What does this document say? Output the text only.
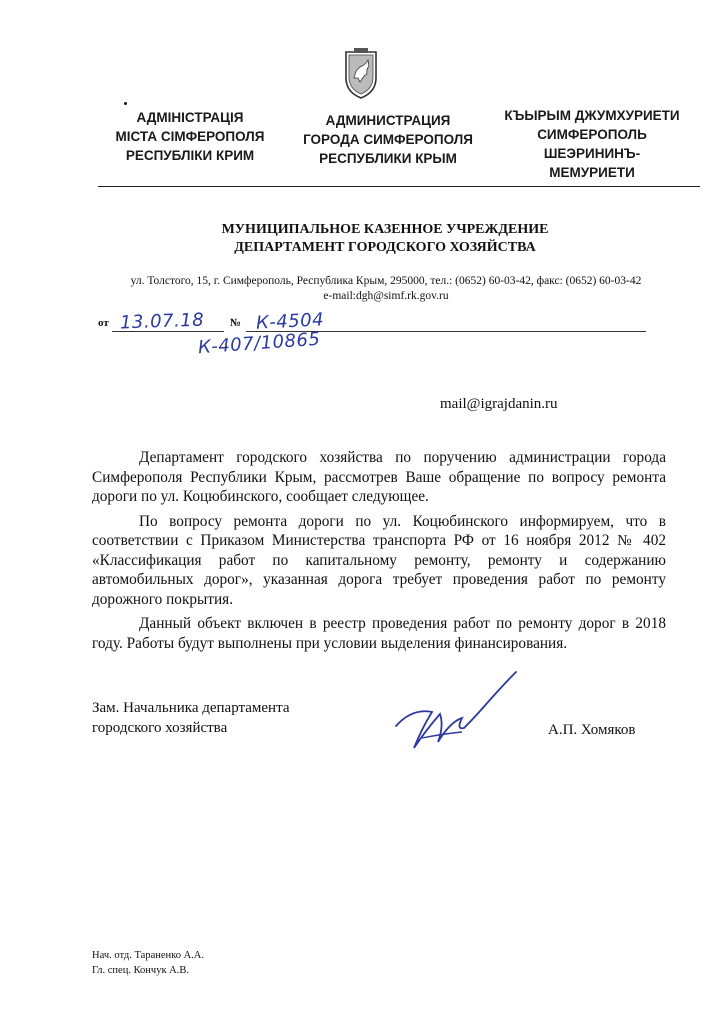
АДМІНІСТРАЦІЯ
МІСТА СІМФЕРОПОЛЯ
РЕСПУБЛІКИ КРИМ
АДМИНИСТРАЦИЯ
ГОРОДА СИМФЕРОПОЛЯ
РЕСПУБЛИКИ КРЫМ
КЪЫРЫМ ДЖУМХУРИЕТИ
СИМФЕРОПОЛЬ
ШЕЭРИНИНЪ-
МЕМУРИЕТИ
МУНИЦИПАЛЬНОЕ КАЗЕННОЕ УЧРЕЖДЕНИЕ
ДЕПАРТАМЕНТ ГОРОДСКОГО ХОЗЯЙСТВА
ул. Толстого, 15, г. Симферополь, Республика Крым, 295000, тел.: (0652) 60-03-42, факс: (0652) 60-03-42
e-mail:dgh@simf.rk.gov.ru
от	№
13.07.18	К-4504
К-407/10865
mail@igrajdanin.ru

Департамент городского хозяйства по поручению администрации города Симферополя Республики Крым, рассмотрев Ваше обращение по вопросу ремонта дороги по ул. Коцюбинского, сообщает следующее.

По вопросу ремонта дороги по ул. Коцюбинского информируем, что в соответствии с Приказом Министерства транспорта РФ от 16 ноября 2012 № 402 «Классификация работ по капитальному ремонту, ремонту и содержанию автомобильных дорог», указанная дорога требует проведения работ по ремонту дорожного покрытия.

Данный объект включен в реестр проведения работ по ремонту дорог в 2018 году. Работы будут выполнены при условии выделения финансирования.

Зам. Начальника департамента
городского хозяйства	А.П. Хомяков
Нач. отд. Тараненко А.А.
Гл. спец. Кончук А.В.
